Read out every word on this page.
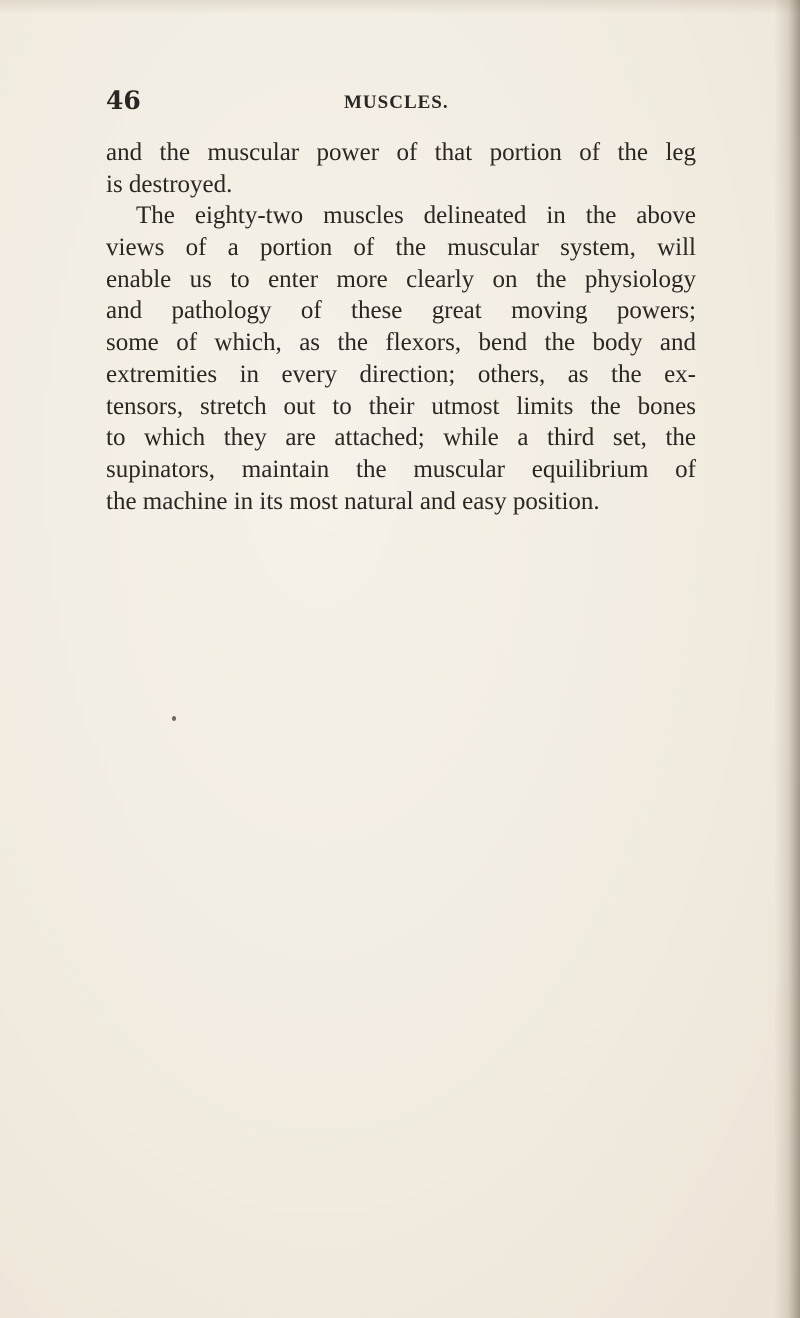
46	MUSCLES.
and the muscular power of that portion of the leg
is destroyed.
The eighty-two muscles delineated in the above
views of a portion of the muscular system, will
enable us to enter more clearly on the physiology
and pathology of these great moving powers;
some of which, as the flexors, bend the body and
extremities in every direction; others, as the ex-
tensors, stretch out to their utmost limits the bones
to which they are attached; while a third set, the
supinators, maintain the muscular equilibrium of
the machine in its most natural and easy position.
